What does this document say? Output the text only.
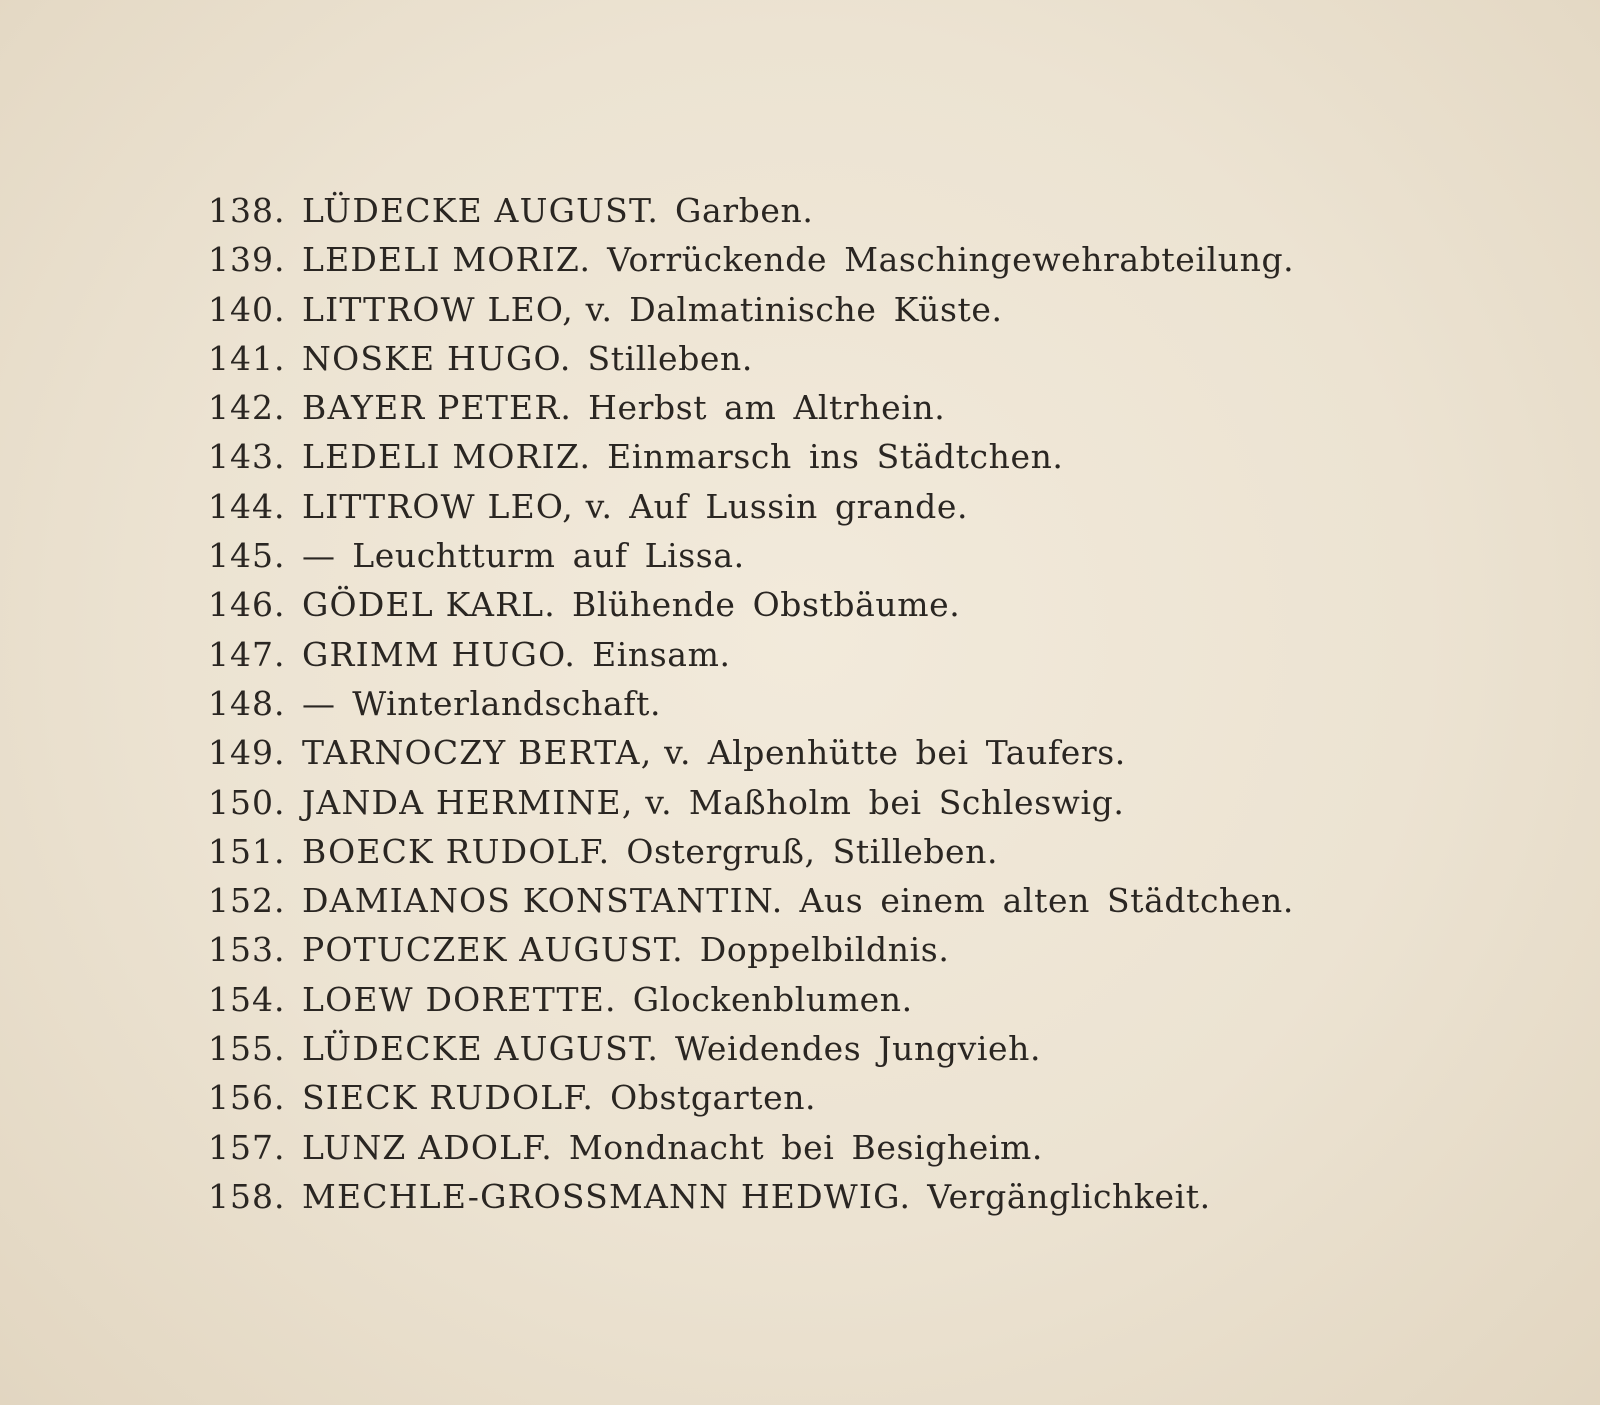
138. LÜDECKE AUGUST. Garben.
139. LEDELI MORIZ. Vorrückende Maschingewehrabteilung.
140. LITTROW LEO, v. Dalmatinische Küste.
141. NOSKE HUGO. Stilleben.
142. BAYER PETER. Herbst am Altrhein.
143. LEDELI MORIZ. Einmarsch ins Städtchen.
144. LITTROW LEO, v. Auf Lussin grande.
145. — Leuchtturm auf Lissa.
146. GÖDEL KARL. Blühende Obstbäume.
147. GRIMM HUGO. Einsam.
148. — Winterlandschaft.
149. TARNOCZY BERTA, v. Alpenhütte bei Taufers.
150. JANDA HERMINE, v. Maßholm bei Schleswig.
151. BOECK RUDOLF. Ostergruß, Stilleben.
152. DAMIANOS KONSTANTIN. Aus einem alten Städtchen.
153. POTUCZEK AUGUST. Doppelbildnis.
154. LOEW DORETTE. Glockenblumen.
155. LÜDECKE AUGUST. Weidendes Jungvieh.
156. SIECK RUDOLF. Obstgarten.
157. LUNZ ADOLF. Mondnacht bei Besigheim.
158. MECHLE-GROSSMANN HEDWIG. Vergänglichkeit.
